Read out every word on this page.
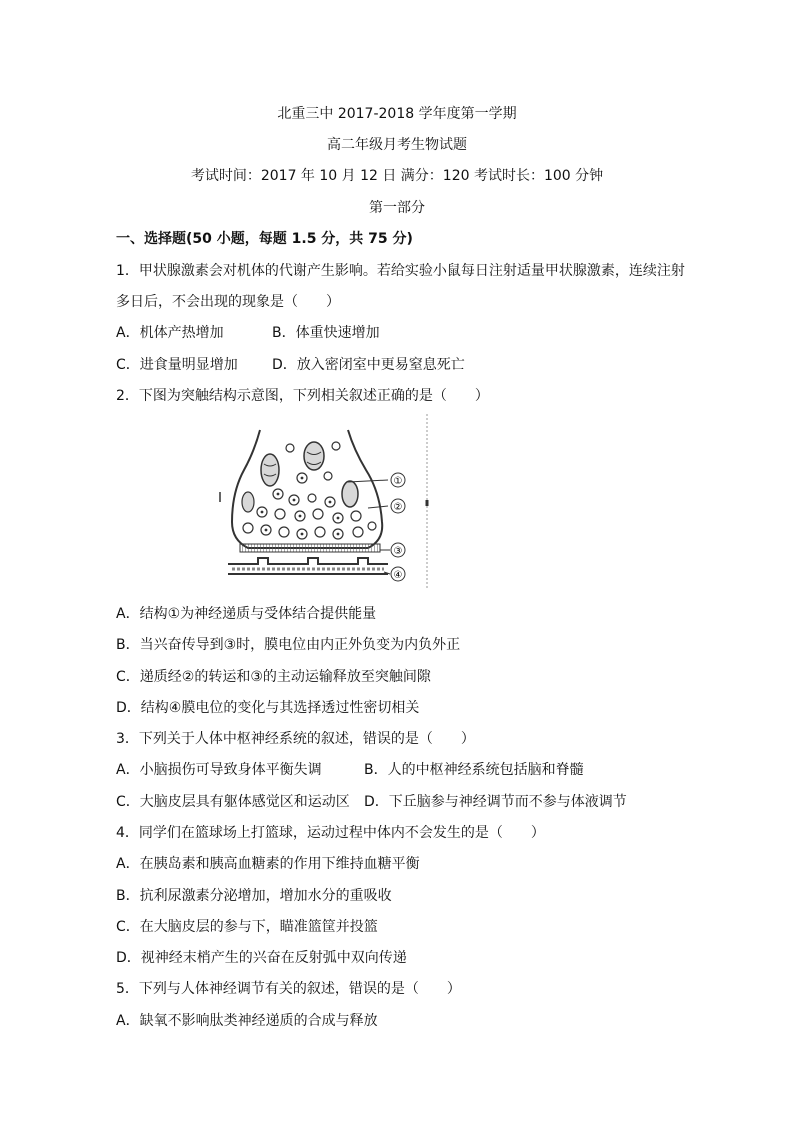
北重三中 2017-2018 学年度第一学期
高二年级月考生物试题
考试时间：2017 年 10 月 12 日 满分：120 考试时长：100 分钟
第一部分
一、选择题(50 小题，每题 1.5 分，共 75 分)
1．甲状腺激素会对机体的代谢产生影响。若给实验小鼠每日注射适量甲状腺激素，连续注射
多日后，不会出现的现象是（　　）
A．机体产热增加	B．体重快速增加
C．进食量明显增加 D．放入密闭室中更易窒息死亡
2．下图为突触结构示意图，下列相关叙述正确的是（　　）
①
②
③
④
A．结构①为神经递质与受体结合提供能量
B．当兴奋传导到③时，膜电位由内正外负变为内负外正
C．递质经②的转运和③的主动运输释放至突触间隙
D．结构④膜电位的变化与其选择透过性密切相关
3．下列关于人体中枢神经系统的叙述，错误的是（　　）
A．小脑损伤可导致身体平衡失调	B．人的中枢神经系统包括脑和脊髓
C．大脑皮层具有躯体感觉区和运动区 D．下丘脑参与神经调节而不参与体液调节
4．同学们在篮球场上打篮球，运动过程中体内不会发生的是（　　）
A．在胰岛素和胰高血糖素的作用下维持血糖平衡
B．抗利尿激素分泌增加，增加水分的重吸收
C．在大脑皮层的参与下，瞄准篮筐并投篮
D．视神经末梢产生的兴奋在反射弧中双向传递
5．下列与人体神经调节有关的叙述，错误的是（　　）
A．缺氧不影响肽类神经递质的合成与释放
